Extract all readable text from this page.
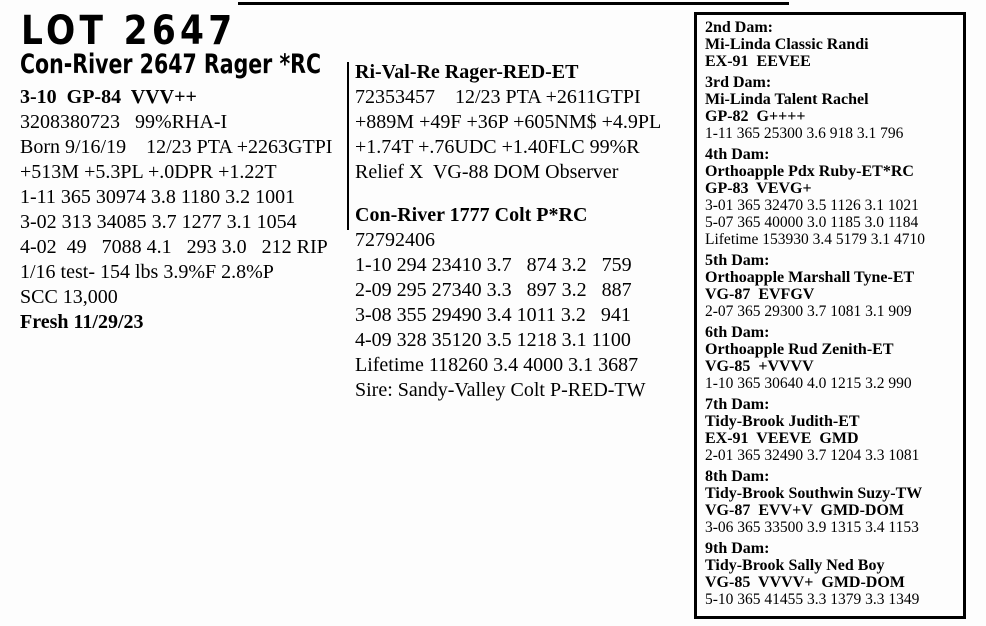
LOT 2647
Con-River 2647 Rager *RC
3-10  GP-84  VVV++
3208380723   99%RHA-I
Born 9/16/19    12/23 PTA +2263GTPI
+513M +5.3PL +.0DPR +1.22T
1-11 365 30974 3.8 1180 3.2 1001
3-02 313 34085 3.7 1277 3.1 1054
4-02  49   7088 4.1   293 3.0   212 RIP
1/16 test- 154 lbs 3.9%F 2.8%P
SCC 13,000
Fresh 11/29/23
Ri-Val-Re Rager-RED-ET
72353457    12/23 PTA +2611GTPI
+889M +49F +36P +605NM$ +4.9PL
+1.74T +.76UDC +1.40FLC 99%R
Relief X  VG-88 DOM Observer
Con-River 1777 Colt P*RC
72792406
1-10 294 23410 3.7   874 3.2   759
2-09 295 27340 3.3   897 3.2   887
3-08 355 29490 3.4 1011 3.2   941
4-09 328 35120 3.5 1218 3.1 1100
Lifetime 118260 3.4 4000 3.1 3687
Sire: Sandy-Valley Colt P-RED-TW
2nd Dam:
Mi-Linda Classic Randi
EX-91  EEVEE
3rd Dam:
Mi-Linda Talent Rachel
GP-82  G++++
1-11 365 25300 3.6 918 3.1 796
4th Dam:
Orthoapple Pdx Ruby-ET*RC
GP-83  VEVG+
3-01 365 32470 3.5 1126 3.1 1021
5-07 365 40000 3.0 1185 3.0 1184
Lifetime 153930 3.4 5179 3.1 4710
5th Dam:
Orthoapple Marshall Tyne-ET
VG-87  EVFGV
2-07 365 29300 3.7 1081 3.1 909
6th Dam:
Orthoapple Rud Zenith-ET
VG-85  +VVVV
1-10 365 30640 4.0 1215 3.2 990
7th Dam:
Tidy-Brook Judith-ET
EX-91  VEEVE  GMD
2-01 365 32490 3.7 1204 3.3 1081
8th Dam:
Tidy-Brook Southwin Suzy-TW
VG-87  EVV+V  GMD-DOM
3-06 365 33500 3.9 1315 3.4 1153
9th Dam:
Tidy-Brook Sally Ned Boy
VG-85  VVVV+  GMD-DOM
5-10 365 41455 3.3 1379 3.3 1349
